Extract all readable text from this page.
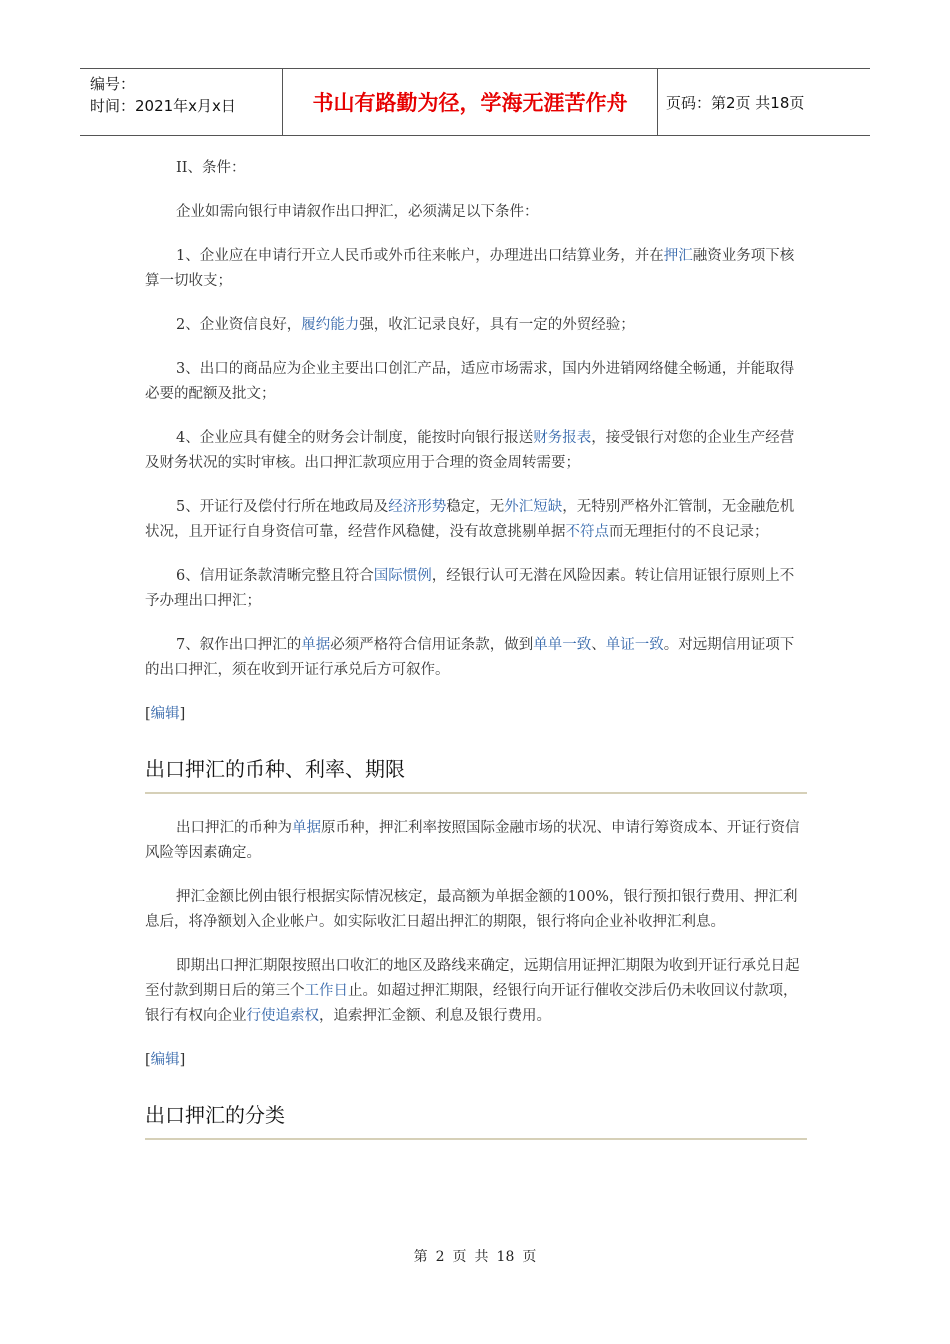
编号：
时间：2021年x月x日	书山有路勤为径，学海无涯苦作舟	页码：第2页 共18页

II、条件：

企业如需向银行申请叙作出口押汇，必须满足以下条件：

1、企业应在申请行开立人民币或外币往来帐户，办理进出口结算业务，并在押汇融资业务项下核算一切收支；

2、企业资信良好，履约能力强，收汇记录良好，具有一定的外贸经验；

3、出口的商品应为企业主要出口创汇产品，适应市场需求，国内外进销网络健全畅通，并能取得必要的配额及批文；

4、企业应具有健全的财务会计制度，能按时向银行报送财务报表，接受银行对您的企业生产经营及财务状况的实时审核。出口押汇款项应用于合理的资金周转需要；

5、开证行及偿付行所在地政局及经济形势稳定，无外汇短缺，无特别严格外汇管制，无金融危机状况，且开证行自身资信可靠，经营作风稳健，没有故意挑剔单据不符点而无理拒付的不良记录；

6、信用证条款清晰完整且符合国际惯例，经银行认可无潜在风险因素。转让信用证银行原则上不予办理出口押汇；

7、叙作出口押汇的单据必须严格符合信用证条款，做到单单一致、单证一致。对远期信用证项下的出口押汇，须在收到开证行承兑后方可叙作。

[编辑]
出口押汇的币种、利率、期限

出口押汇的币种为单据原币种，押汇利率按照国际金融市场的状况、申请行筹资成本、开证行资信风险等因素确定。

押汇金额比例由银行根据实际情况核定，最高额为单据金额的100%，银行预扣银行费用、押汇利息后，将净额划入企业帐户。如实际收汇日超出押汇的期限，银行将向企业补收押汇利息。

即期出口押汇期限按照出口收汇的地区及路线来确定，远期信用证押汇期限为收到开证行承兑日起至付款到期日后的第三个工作日止。如超过押汇期限，经银行向开证行催收交涉后仍未收回议付款项，银行有权向企业行使追索权，追索押汇金额、利息及银行费用。

[编辑]
出口押汇的分类
第 2 页 共 18 页
